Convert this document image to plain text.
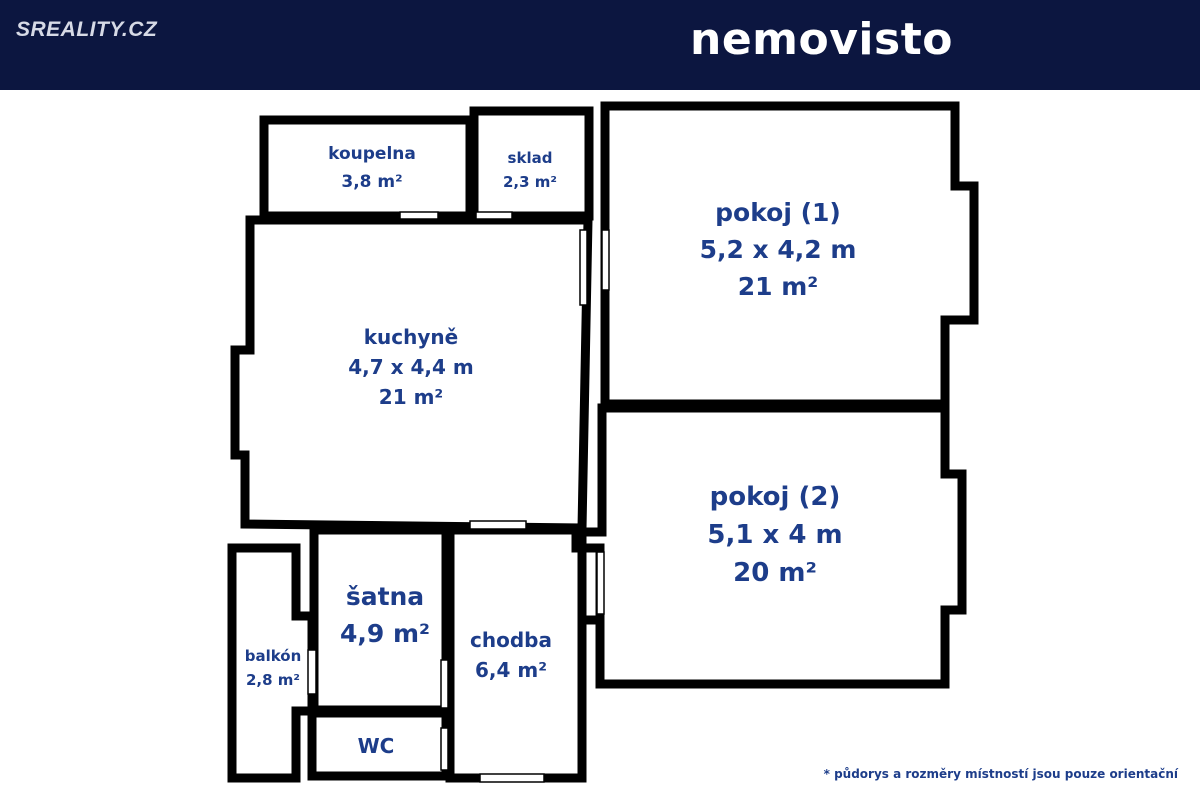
SREALITY.CZ	nemovisto
koupelna
3,8 m²
sklad
2,3 m²
pokoj (1)
5,2 x 4,2 m
21 m²
kuchyně
4,7 x 4,4 m
21 m²
pokoj (2)
5,1 x 4 m
20 m²
šatna
4,9 m² chodba
6,4 m²
balkón
2,8 m²
WC
* půdorys a rozměry místností jsou pouze orientační
